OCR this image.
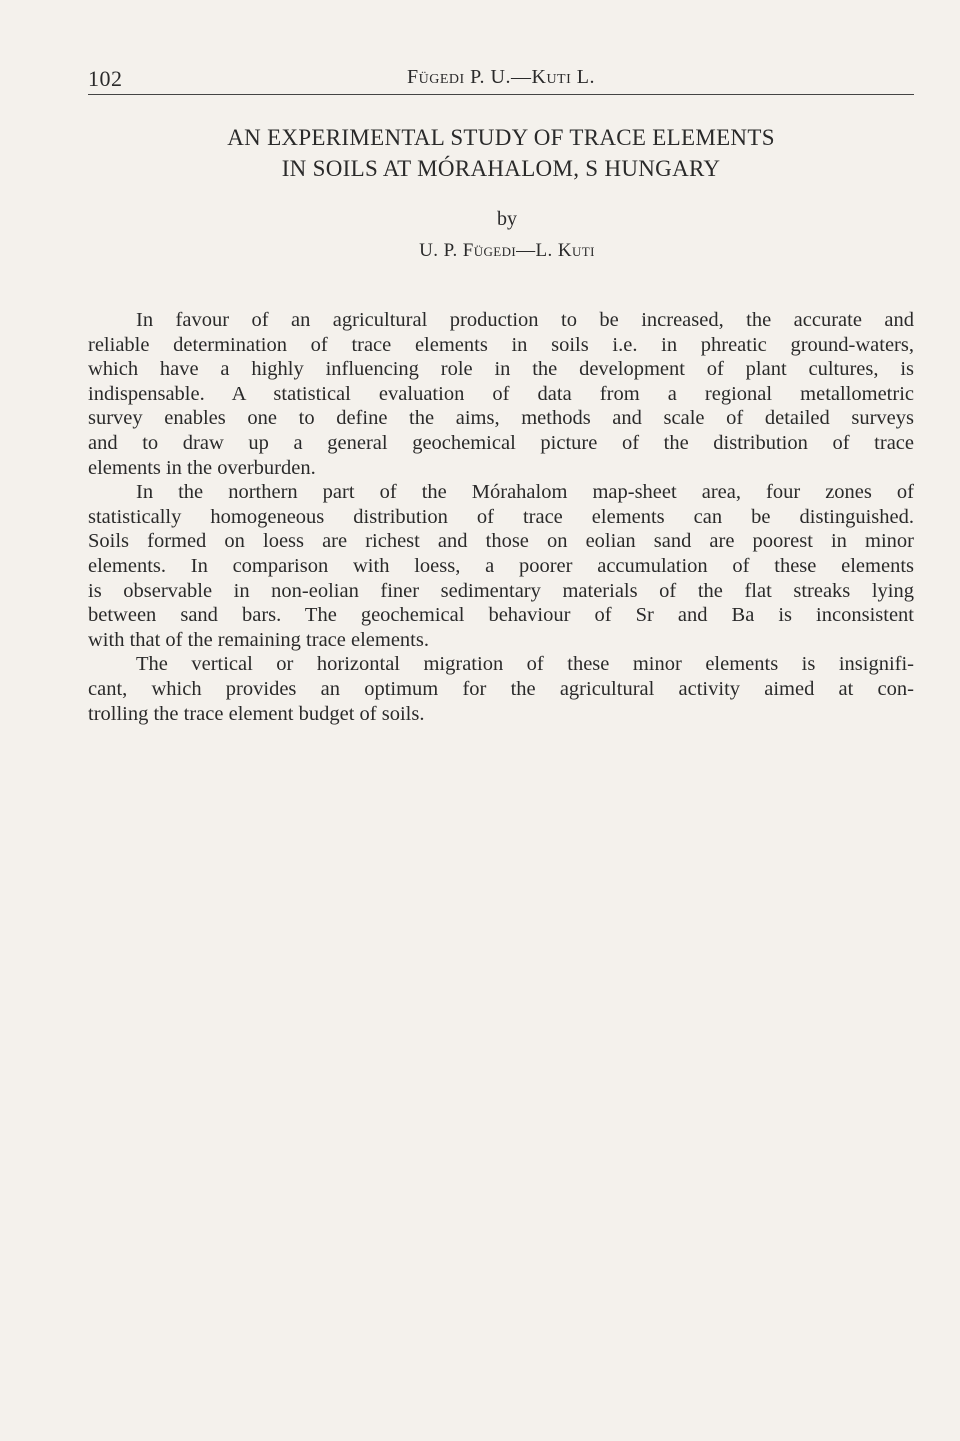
102	Fügedi P. U.—Kuti L.
AN EXPERIMENTAL STUDY OF TRACE ELEMENTS
IN SOILS AT MÓRAHALOM, S HUNGARY
by
U. P. Fügedi—L. Kuti
In favour of an agricultural production to be increased, the accurate and
reliable determination of trace elements in soils i.e. in phreatic ground-waters,
which have a highly influencing role in the development of plant cultures, is
indispensable. A statistical evaluation of data from a regional metallometric
survey enables one to define the aims, methods and scale of detailed surveys
and to draw up a general geochemical picture of the distribution of trace
elements in the overburden.
In the northern part of the Mórahalom map-sheet area, four zones of
statistically homogeneous distribution of trace elements can be distinguished.
Soils formed on loess are richest and those on eolian sand are poorest in minor
elements. In comparison with loess, a poorer accumulation of these elements
is observable in non-eolian finer sedimentary materials of the flat streaks lying
between sand bars. The geochemical behaviour of Sr and Ba is inconsistent
with that of the remaining trace elements.
The vertical or horizontal migration of these minor elements is insignifi-
cant, which provides an optimum for the agricultural activity aimed at con-
trolling the trace element budget of soils.
